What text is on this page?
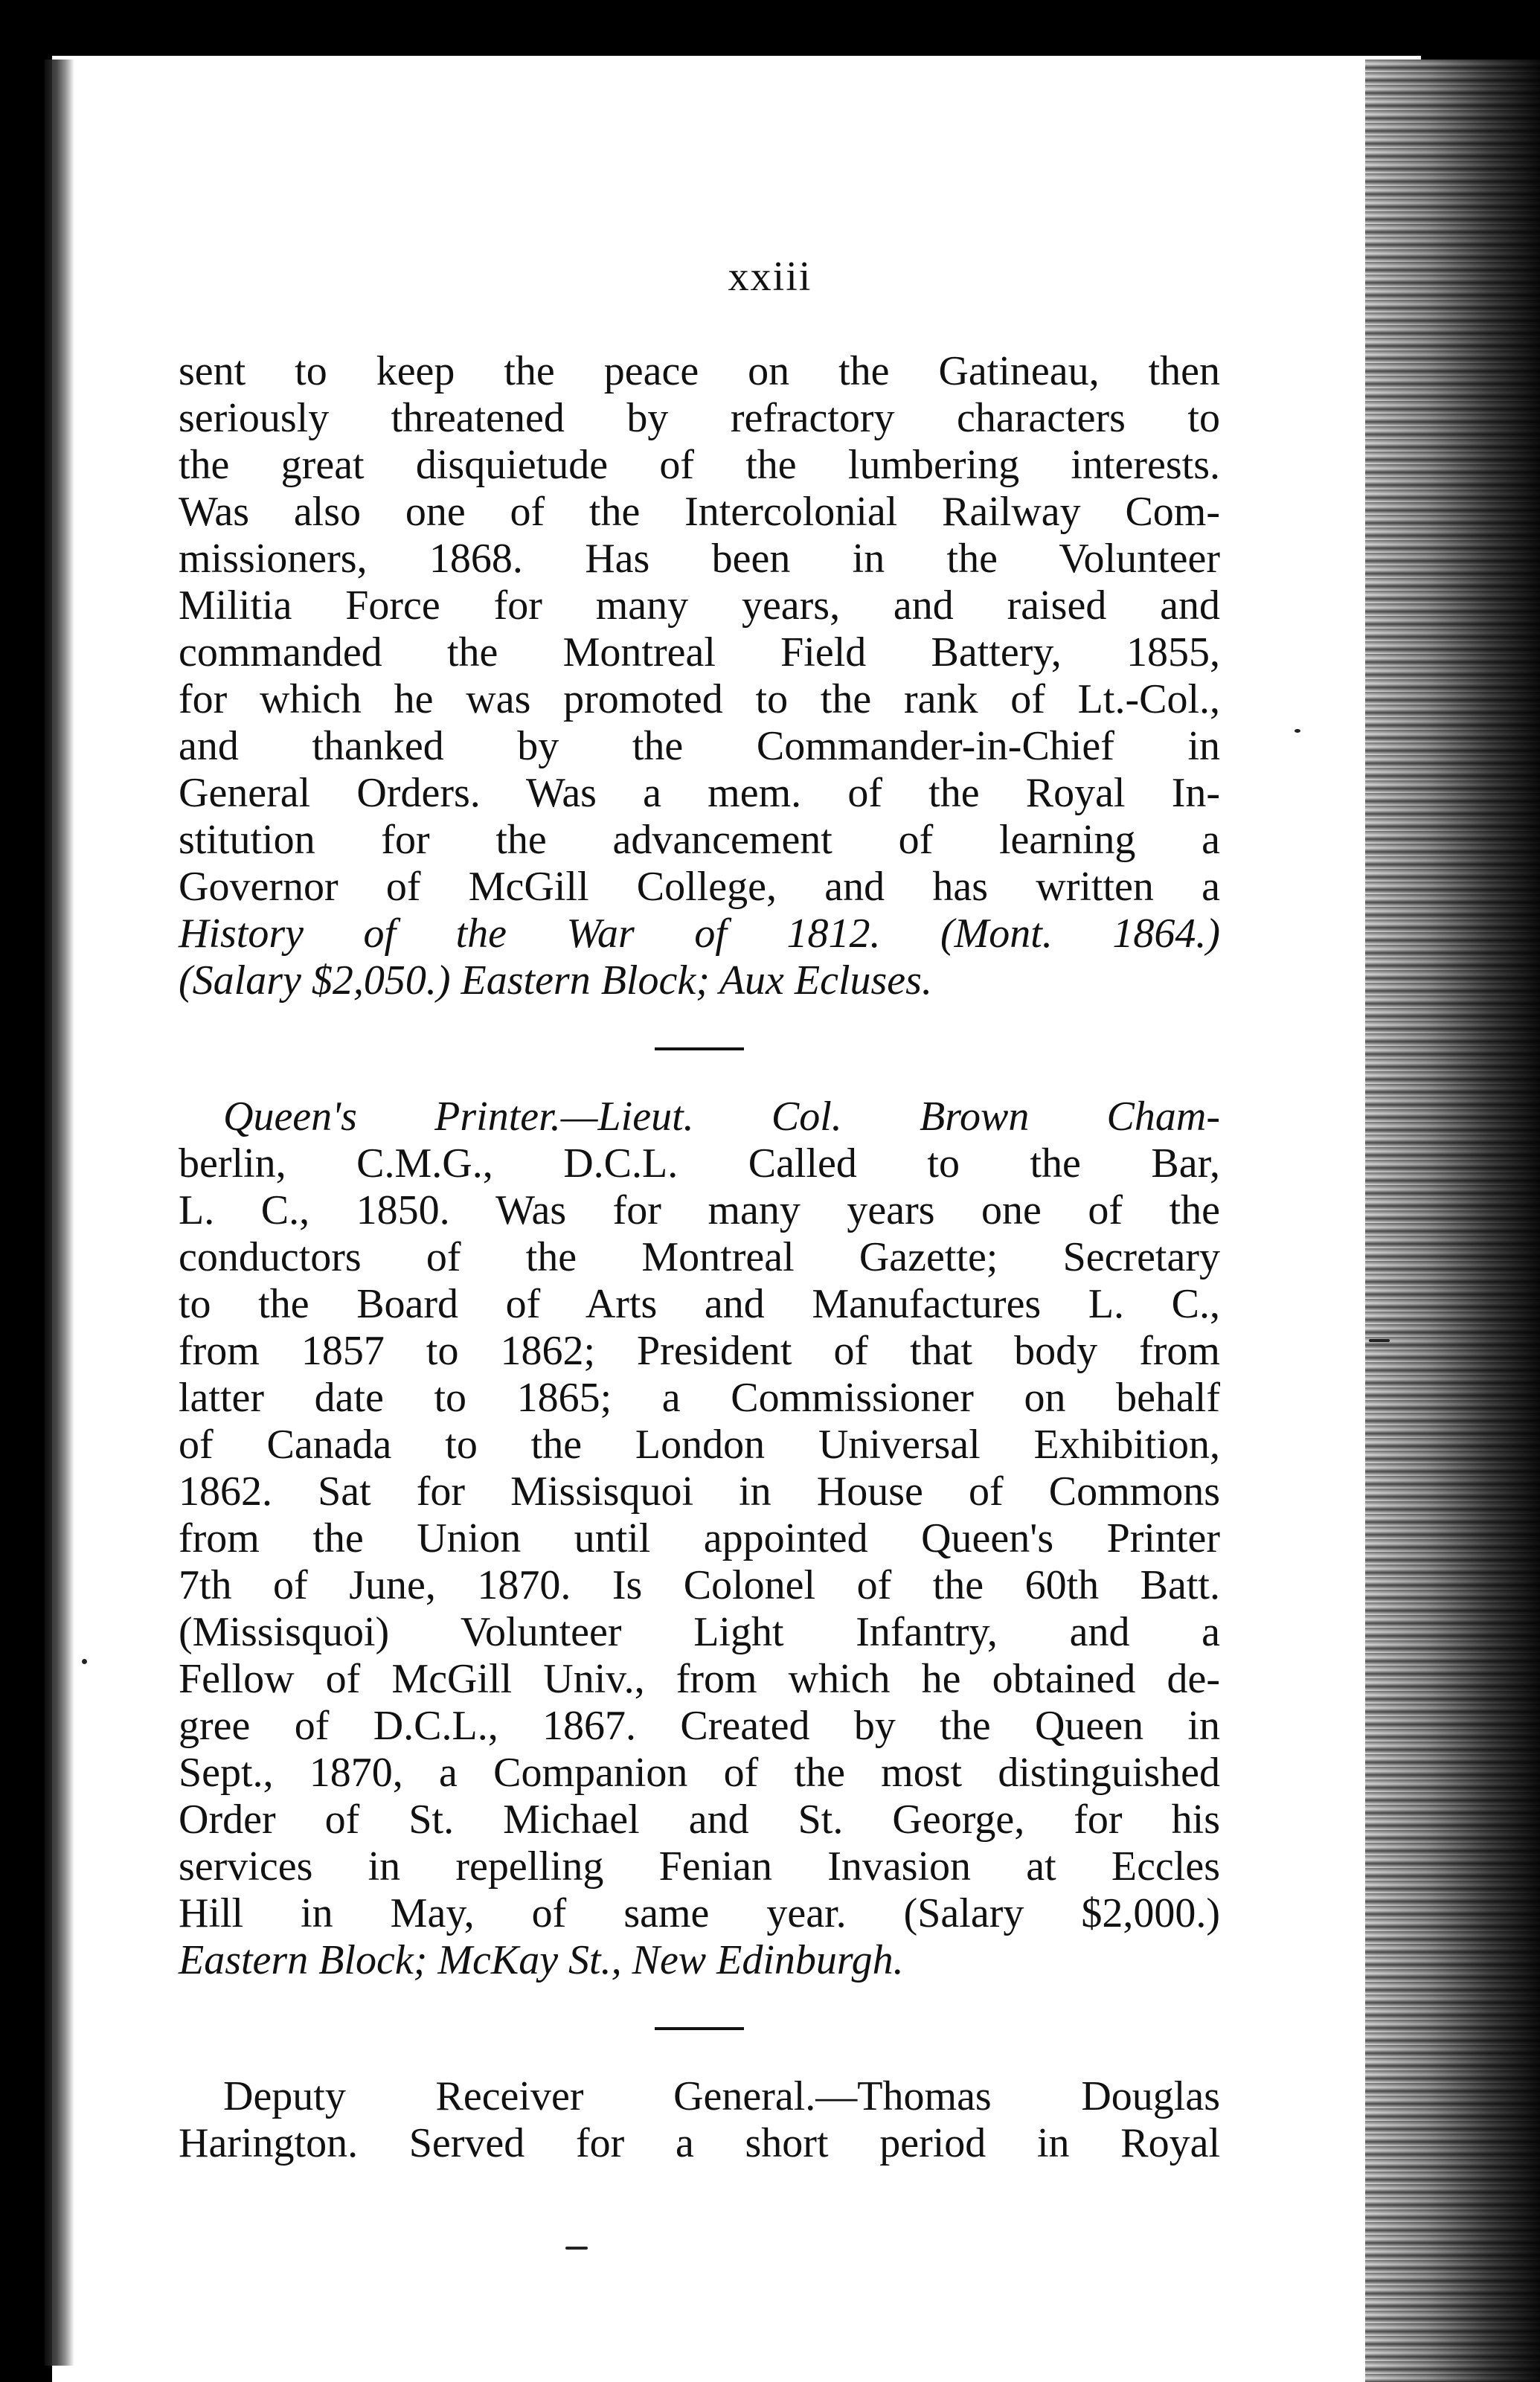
xxiii
sent to keep the peace on the Gatineau, then
seriously threatened by refractory characters to
the great disquietude of the lumbering interests.
Was also one of the Intercolonial Railway Com-
missioners, 1868. Has been in the Volunteer
Militia Force for many years, and raised and
commanded the Montreal Field Battery, 1855,
for which he was promoted to the rank of Lt.-Col.,
and thanked by the Commander-in-Chief in
General Orders. Was a mem. of the Royal In-
stitution for the advancement of learning a
Governor of McGill College, and has written a
History of the War of 1812. (Mont. 1864.)
(Salary $2,050.) Eastern Block; Aux Ecluses.
Queen's Printer.—Lieut. Col. Brown Cham-
berlin, C.M.G., D.C.L. Called to the Bar,
L. C., 1850. Was for many years one of the
conductors of the Montreal Gazette; Secretary
to the Board of Arts and Manufactures L. C.,
from 1857 to 1862; President of that body from
latter date to 1865; a Commissioner on behalf
of Canada to the London Universal Exhibition,
1862. Sat for Missisquoi in House of Commons
from the Union until appointed Queen's Printer
7th of June, 1870. Is Colonel of the 60th Batt.
(Missisquoi) Volunteer Light Infantry, and a
Fellow of McGill Univ., from which he obtained de-
gree of D.C.L., 1867. Created by the Queen in
Sept., 1870, a Companion of the most distinguished
Order of St. Michael and St. George, for his
services in repelling Fenian Invasion at Eccles
Hill in May, of same year. (Salary $2,000.)
Eastern Block; McKay St., New Edinburgh.
Deputy Receiver General.—Thomas Douglas
Harington. Served for a short period in Royal
